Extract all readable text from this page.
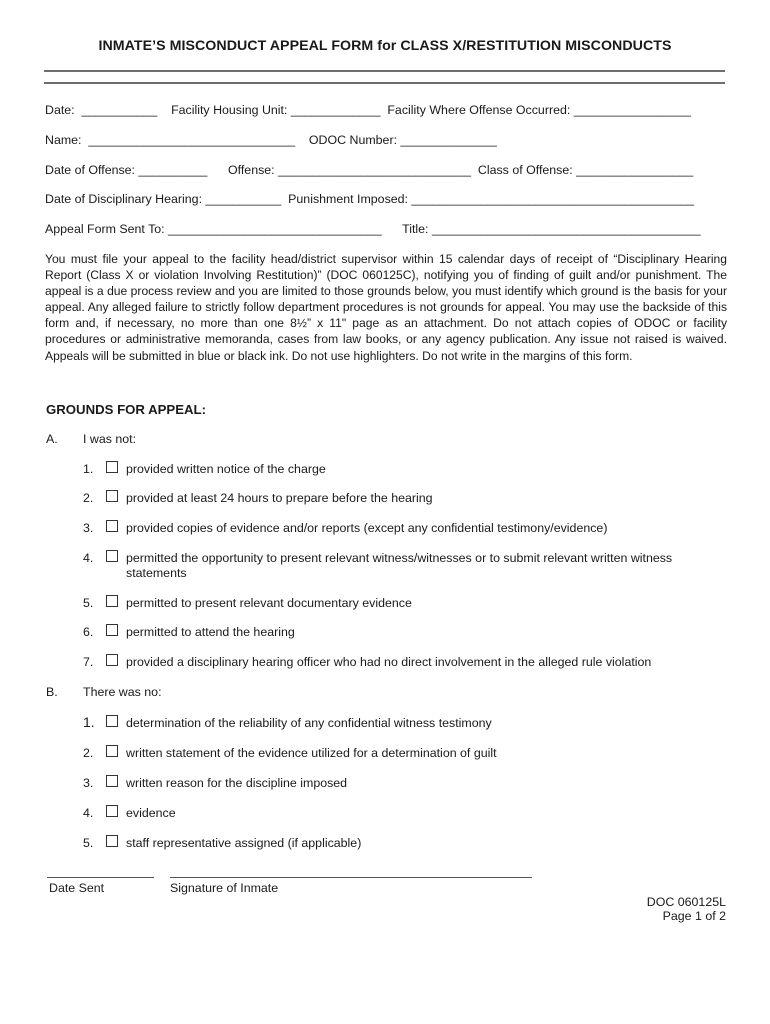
INMATE’S MISCONDUCT APPEAL FORM for CLASS X/RESTITUTION MISCONDUCTS
Date:  ___________    Facility Housing Unit: _____________  Facility Where Offense Occurred: _________________
Name:  ______________________________    ODOC Number: ______________
Date of Offense: __________      Offense: ____________________________  Class of Offense: _________________
Date of Disciplinary Hearing: ___________  Punishment Imposed: _________________________________________
Appeal Form Sent To: _______________________________      Title: _______________________________________
You must file your appeal to the facility head/district supervisor within 15 calendar days of receipt of “Disciplinary Hearing Report (Class X or violation Involving Restitution)” (DOC 060125C), notifying you of finding of guilt and/or punishment. The appeal is a due process review and you are limited to those grounds below, you must identify which ground is the basis for your appeal. Any alleged failure to strictly follow department procedures is not grounds for appeal. You may use the backside of this form and, if necessary, no more than one 8½” x 11" page as an attachment. Do not attach copies of ODOC or facility procedures or administrative memoranda, cases from law books, or any agency publication. Any issue not raised is waived. Appeals will be submitted in blue or black ink. Do not use highlighters. Do not write in the margins of this form.
GROUNDS FOR APPEAL:
A. I was not:
1.	provided written notice of the charge
2.	provided at least 24 hours to prepare before the hearing
3.	provided copies of evidence and/or reports (except any confidential testimony/evidence)
4.	permitted the opportunity to present relevant witness/witnesses or to submit relevant written witness statements
5.	permitted to present relevant documentary evidence
6.	permitted to attend the hearing
7.	provided a disciplinary hearing officer who had no direct involvement in the alleged rule violation
B. There was no:
1.	determination of the reliability of any confidential witness testimony
2.	written statement of the evidence utilized for a determination of guilt
3.	written reason for the discipline imposed
4.	evidence
5.	staff representative assigned (if applicable)
Date Sent	Signature of Inmate
DOC 060125L
Page 1 of 2
